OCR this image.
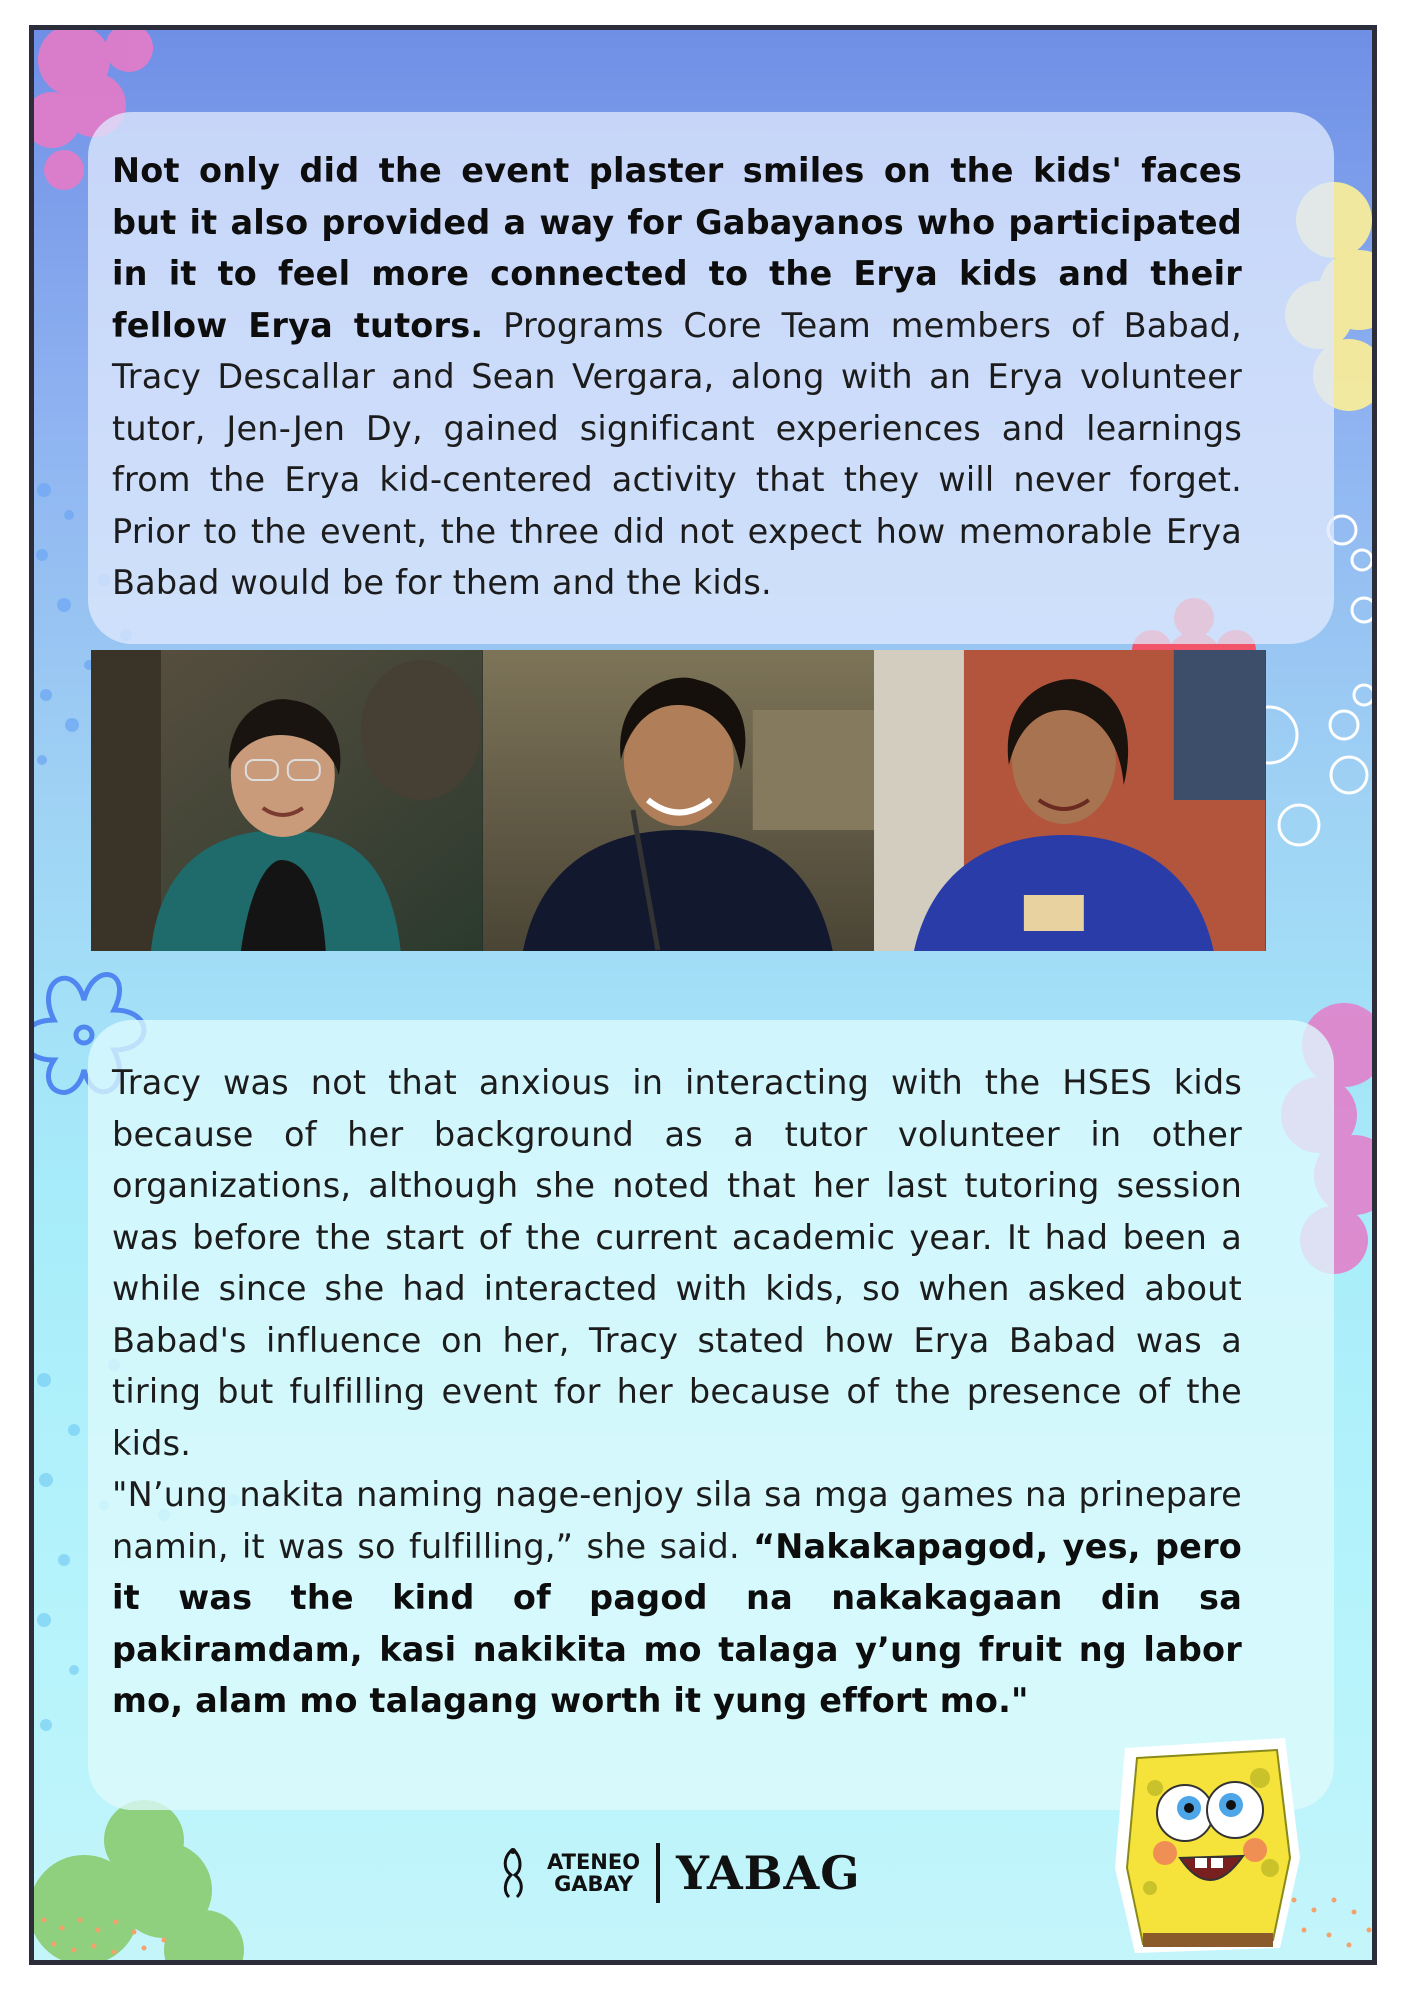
Not only did the event plaster smiles on the kids' faces but it also provided a way for Gabayanos who participated in it to feel more connected to the Erya kids and their fellow Erya tutors. Programs Core Team members of Babad, Tracy Descallar and Sean Vergara, along with an Erya volunteer tutor, Jen-Jen Dy, gained significant experiences and learnings from the Erya kid-centered activity that they will never forget. Prior to the event, the three did not expect how memorable Erya Babad would be for them and the kids.

Tracy was not that anxious in interacting with the HSES kids because of her background as a tutor volunteer in other organizations, although she noted that her last tutoring session was before the start of the current academic year. It had been a while since she had interacted with kids, so when asked about Babad's influence on her, Tracy stated how Erya Babad was a tiring but fulfilling event for her because of the presence of the kids.

"N’ung nakita naming nage-enjoy sila sa mga games na prinepare namin, it was so fulfilling,” she said. “Nakakapagod, yes, pero it was the kind of pagod na nakakagaan din sa pakiramdam, kasi nakikita mo talaga y’ung fruit ng labor mo, alam mo talagang worth it yung effort mo."

ATENEO
GABAY YABAG
